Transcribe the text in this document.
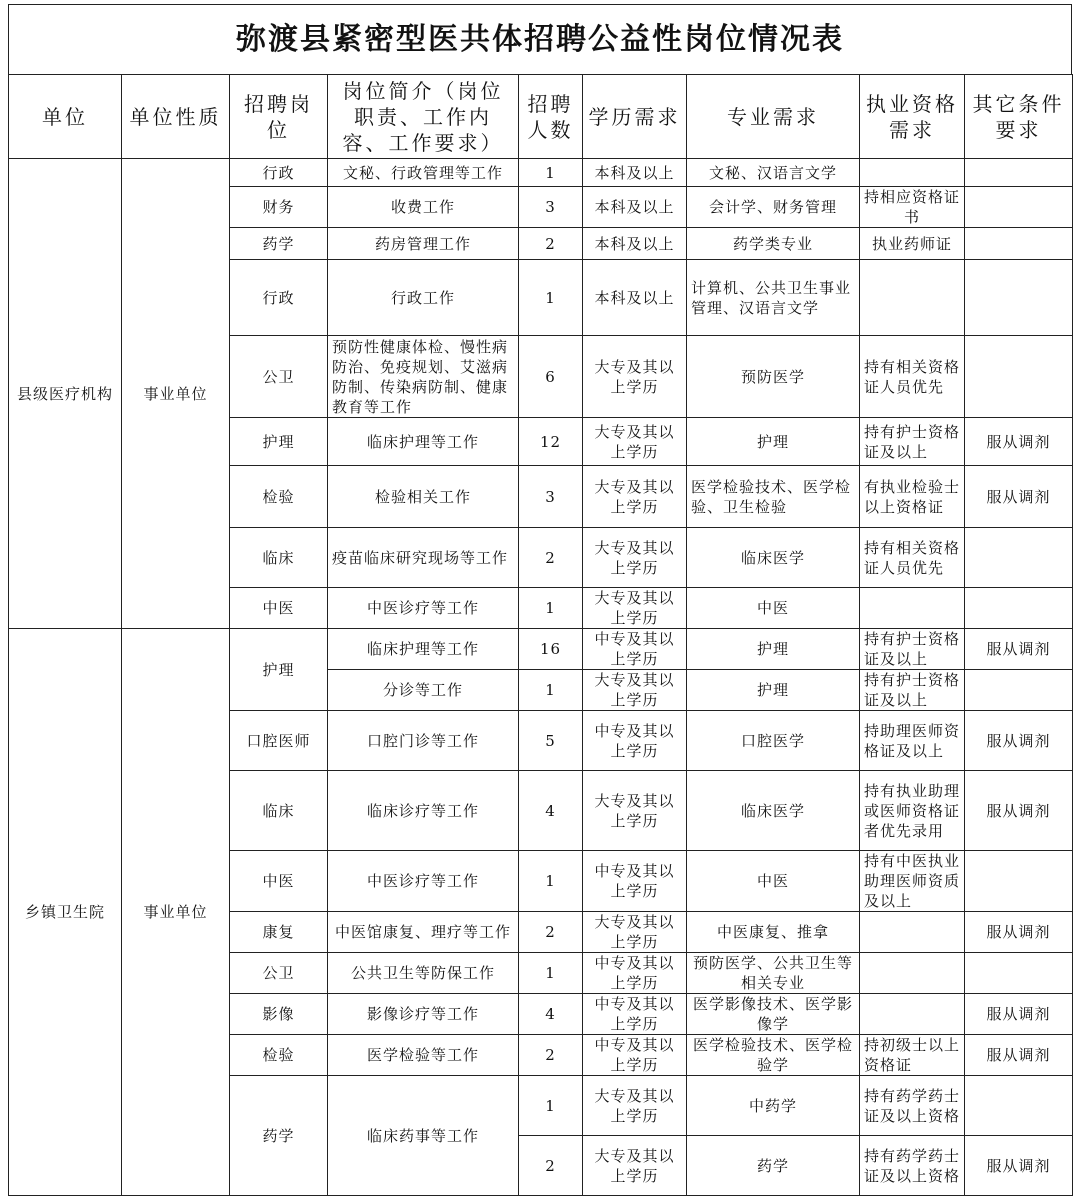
弥渡县紧密型医共体招聘公益性岗位情况表
单位	单位性质	招聘岗位	岗位简介（岗位职责、工作内容、工作要求）	招聘人数	学历需求	专业需求	执业资格需求	其它条件要求
县级医疗机构	事业单位	行政	文秘、行政管理等工作	1	本科及以上	文秘、汉语言文学		
		财务	收费工作	3	本科及以上	会计学、财务管理	持相应资格证书	
		药学	药房管理工作	2	本科及以上	药学类专业	执业药师证	
		行政	行政工作	1	本科及以上	计算机、公共卫生事业管理、汉语言文学		
		公卫	预防性健康体检、慢性病防治、免疫规划、艾滋病防制、传染病防制、健康教育等工作	6	大专及其以上学历	预防医学	持有相关资格证人员优先	
		护理	临床护理等工作	12	大专及其以上学历	护理	持有护士资格证及以上	服从调剂
		检验	检验相关工作	3	大专及其以上学历	医学检验技术、医学检验、卫生检验	有执业检验士以上资格证	服从调剂
		临床	疫苗临床研究现场等工作	2	大专及其以上学历	临床医学	持有相关资格证人员优先	
		中医	中医诊疗等工作	1	大专及其以上学历	中医		
乡镇卫生院	事业单位	护理	临床护理等工作	16	中专及其以上学历	护理	持有护士资格证及以上	服从调剂
			分诊等工作	1	大专及其以上学历	护理	持有护士资格证及以上	
		口腔医师	口腔门诊等工作	5	中专及其以上学历	口腔医学	持助理医师资格证及以上	服从调剂
		临床	临床诊疗等工作	4	大专及其以上学历	临床医学	持有执业助理或医师资格证者优先录用	服从调剂
		中医	中医诊疗等工作	1	中专及其以上学历	中医	持有中医执业助理医师资质及以上	
		康复	中医馆康复、理疗等工作	2	大专及其以上学历	中医康复、推拿		服从调剂
		公卫	公共卫生等防保工作	1	中专及其以上学历	预防医学、公共卫生等相关专业		
		影像	影像诊疗等工作	4	中专及其以上学历	医学影像技术、医学影像学		服从调剂
		检验	医学检验等工作	2	中专及其以上学历	医学检验技术、医学检验学	持初级士以上资格证	服从调剂
		药学	临床药事等工作	1	大专及其以上学历	中药学	持有药学药士证及以上资格	
				2	大专及其以上学历	药学	持有药学药士证及以上资格	服从调剂
